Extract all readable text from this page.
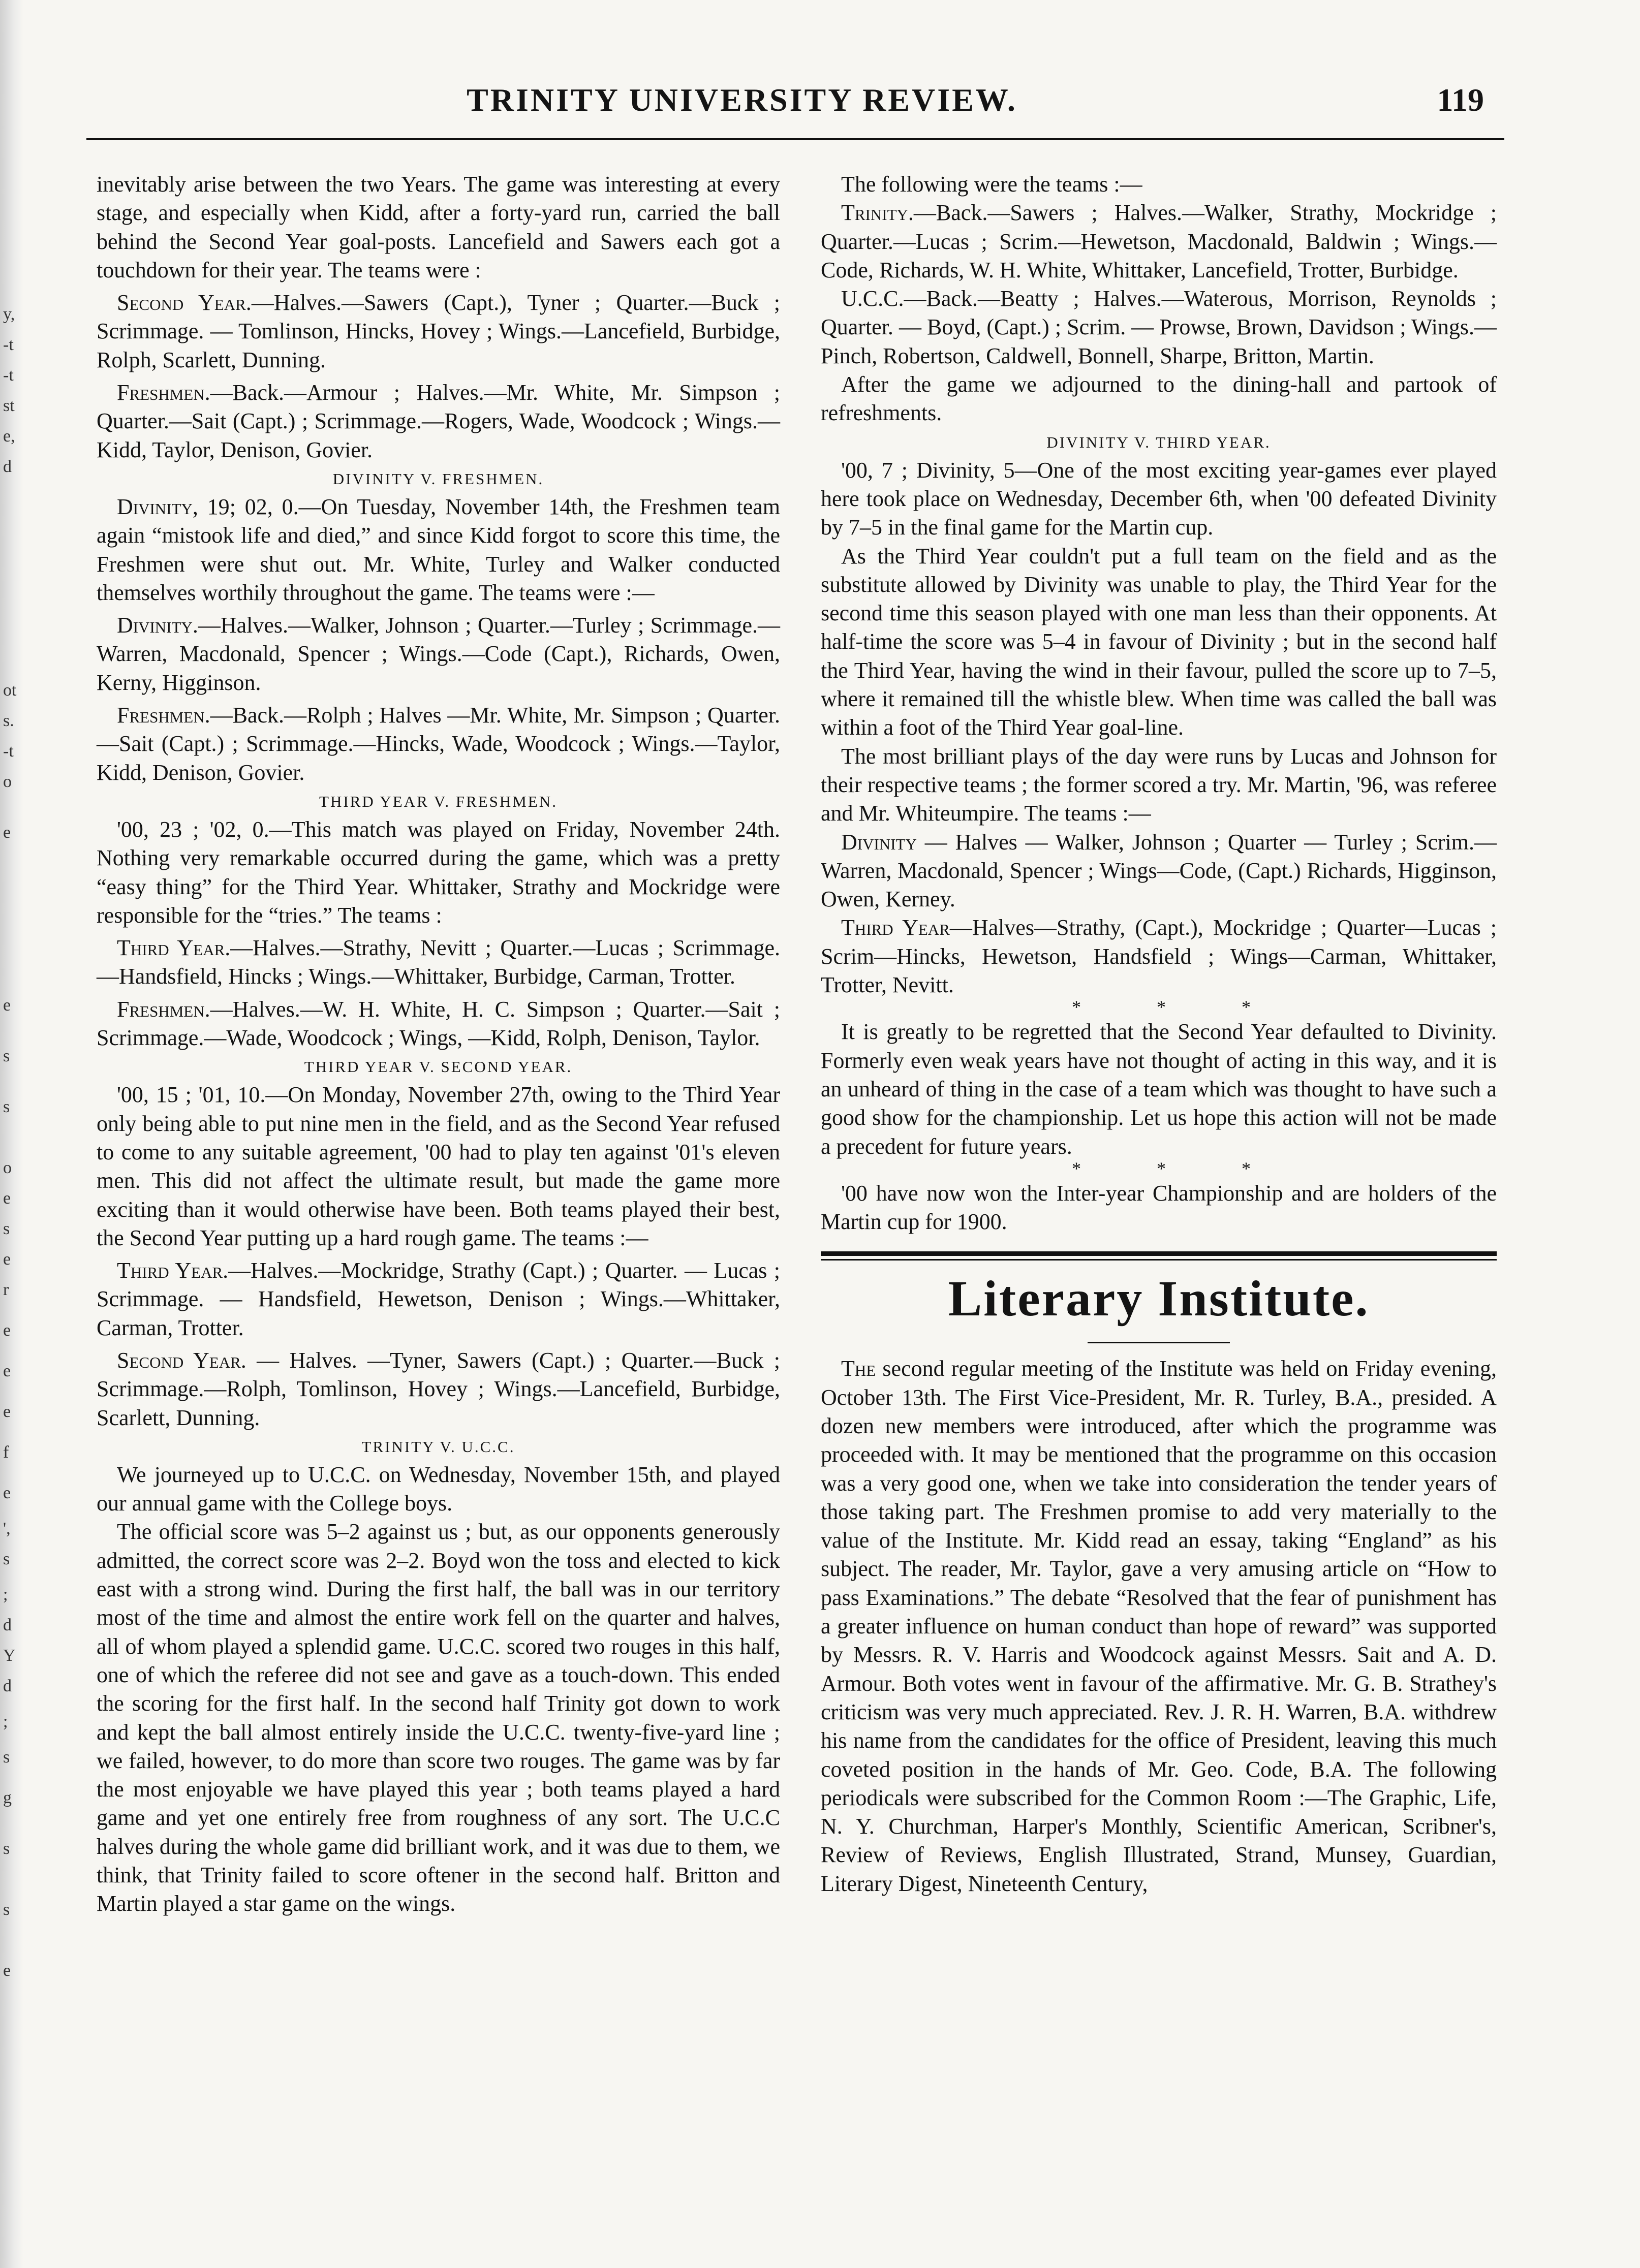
y,
-t
-t
st
e,
d
ot
s.
-t
o
e
e
s
s
o
e
s
e
r
e
e
e
f
e
',
s
;
d
Y
d
;
s
g
s
s
e
TRINITY UNIVERSITY REVIEW.	119

inevitably arise between the two Years. The game was interesting at every stage, and especially when Kidd, after a forty-yard run, carried the ball behind the Second Year goal-posts. Lancefield and Sawers each got a touchdown for their year. The teams were :

Second Year.—Halves.—Sawers (Capt.), Tyner ; Quarter.—Buck ; Scrimmage. — Tomlinson, Hincks, Hovey ; Wings.—Lancefield, Burbidge, Rolph, Scarlett, Dunning.

Freshmen.—Back.—Armour ; Halves.—Mr. White, Mr. Simpson ; Quarter.—Sait (Capt.) ; Scrimmage.—Rogers, Wade, Woodcock ; Wings.—Kidd, Taylor, Denison, Govier.

DIVINITY V. FRESHMEN.

Divinity, 19; 02, 0.—On Tuesday, November 14th, the Freshmen team again “mistook life and died,” and since Kidd forgot to score this time, the Freshmen were shut out. Mr. White, Turley and Walker conducted themselves worthily throughout the game. The teams were :—

Divinity.—Halves.—Walker, Johnson ; Quarter.—Turley ; Scrimmage.—Warren, Macdonald, Spencer ; Wings.—Code (Capt.), Richards, Owen, Kerny, Higginson.

Freshmen.—Back.—Rolph ; Halves —Mr. White, Mr. Simpson ; Quarter.—Sait (Capt.) ; Scrimmage.—Hincks, Wade, Woodcock ; Wings.—Taylor, Kidd, Denison, Govier.

THIRD YEAR V. FRESHMEN.

'00, 23 ; '02, 0.—This match was played on Friday, November 24th. Nothing very remarkable occurred during the game, which was a pretty “easy thing” for the Third Year. Whittaker, Strathy and Mockridge were responsible for the “tries.” The teams :

Third Year.—Halves.—Strathy, Nevitt ; Quarter.—Lucas ; Scrimmage.—Handsfield, Hincks ; Wings.—Whittaker, Burbidge, Carman, Trotter.

Freshmen.—Halves.—W. H. White, H. C. Simpson ; Quarter.—Sait ; Scrimmage.—Wade, Woodcock ; Wings, —Kidd, Rolph, Denison, Taylor.

THIRD YEAR V. SECOND YEAR.

'00, 15 ; '01, 10.—On Monday, November 27th, owing to the Third Year only being able to put nine men in the field, and as the Second Year refused to come to any suitable agreement, '00 had to play ten against '01's eleven men. This did not affect the ultimate result, but made the game more exciting than it would otherwise have been. Both teams played their best, the Second Year putting up a hard rough game. The teams :—

Third Year.—Halves.—Mockridge, Strathy (Capt.) ; Quarter. — Lucas ; Scrimmage. — Handsfield, Hewetson, Denison ; Wings.—Whittaker, Carman, Trotter.

Second Year. — Halves. —Tyner, Sawers (Capt.) ; Quarter.—Buck ; Scrimmage.—Rolph, Tomlinson, Hovey ; Wings.—Lancefield, Burbidge, Scarlett, Dunning.

TRINITY V. U.C.C.

We journeyed up to U.C.C. on Wednesday, November 15th, and played our annual game with the College boys.

The official score was 5–2 against us ; but, as our opponents generously admitted, the correct score was 2–2. Boyd won the toss and elected to kick east with a strong wind. During the first half, the ball was in our territory most of the time and almost the entire work fell on the quarter and halves, all of whom played a splendid game. U.C.C. scored two rouges in this half, one of which the referee did not see and gave as a touch-down. This ended the scoring for the first half. In the second half Trinity got down to work and kept the ball almost entirely inside the U.C.C. twenty-five-yard line ; we failed, however, to do more than score two rouges. The game was by far the most enjoyable we have played this year ; both teams played a hard game and yet one entirely free from roughness of any sort. The U.C.C halves during the whole game did brilliant work, and it was due to them, we think, that Trinity failed to score oftener in the second half. Britton and Martin played a star game on the wings.

The following were the teams :—

Trinity.—Back.—Sawers ; Halves.—Walker, Strathy, Mockridge ; Quarter.—Lucas ; Scrim.—Hewetson, Macdonald, Baldwin ; Wings.—Code, Richards, W. H. White, Whittaker, Lancefield, Trotter, Burbidge.

U.C.C.—Back.—Beatty ; Halves.—Waterous, Morrison, Reynolds ; Quarter. — Boyd, (Capt.) ; Scrim. — Prowse, Brown, Davidson ; Wings.—Pinch, Robertson, Caldwell, Bonnell, Sharpe, Britton, Martin.

After the game we adjourned to the dining-hall and partook of refreshments.

DIVINITY V. THIRD YEAR.

'00, 7 ; Divinity, 5—One of the most exciting year-games ever played here took place on Wednesday, December 6th, when '00 defeated Divinity by 7–5 in the final game for the Martin cup.

As the Third Year couldn't put a full team on the field and as the substitute allowed by Divinity was unable to play, the Third Year for the second time this season played with one man less than their opponents. At half-time the score was 5–4 in favour of Divinity ; but in the second half the Third Year, having the wind in their favour, pulled the score up to 7–5, where it remained till the whistle blew. When time was called the ball was within a foot of the Third Year goal-line.

The most brilliant plays of the day were runs by Lucas and Johnson for their respective teams ; the former scored a try. Mr. Martin, '96, was referee and Mr. Whiteumpire. The teams :—

Divinity — Halves — Walker, Johnson ; Quarter — Turley ; Scrim.—Warren, Macdonald, Spencer ; Wings—Code, (Capt.) Richards, Higginson, Owen, Kerney.

Third Year—Halves—Strathy, (Capt.), Mockridge ; Quarter—Lucas ; Scrim—Hincks, Hewetson, Handsfield ; Wings—Carman, Whittaker, Trotter, Nevitt.

* * *

It is greatly to be regretted that the Second Year defaulted to Divinity. Formerly even weak years have not thought of acting in this way, and it is an unheard of thing in the case of a team which was thought to have such a good show for the championship. Let us hope this action will not be made a precedent for future years.

* * *

'00 have now won the Inter-year Championship and are holders of the Martin cup for 1900.

Literary Institute.

The second regular meeting of the Institute was held on Friday evening, October 13th. The First Vice-President, Mr. R. Turley, B.A., presided. A dozen new members were introduced, after which the programme was proceeded with. It may be mentioned that the programme on this occasion was a very good one, when we take into consideration the tender years of those taking part. The Freshmen promise to add very materially to the value of the Institute. Mr. Kidd read an essay, taking “England” as his subject. The reader, Mr. Taylor, gave a very amusing article on “How to pass Examinations.” The debate “Resolved that the fear of punishment has a greater influence on human conduct than hope of reward” was supported by Messrs. R. V. Harris and Woodcock against Messrs. Sait and A. D. Armour. Both votes went in favour of the affirmative. Mr. G. B. Strathey's criticism was very much appreciated. Rev. J. R. H. Warren, B.A. withdrew his name from the candidates for the office of President, leaving this much coveted position in the hands of Mr. Geo. Code, B.A. The following periodicals were subscribed for the Common Room :—The Graphic, Life, N. Y. Churchman, Harper's Monthly, Scientific American, Scribner's, Review of Reviews, English Illustrated, Strand, Munsey, Guardian, Literary Digest, Nineteenth Century,
